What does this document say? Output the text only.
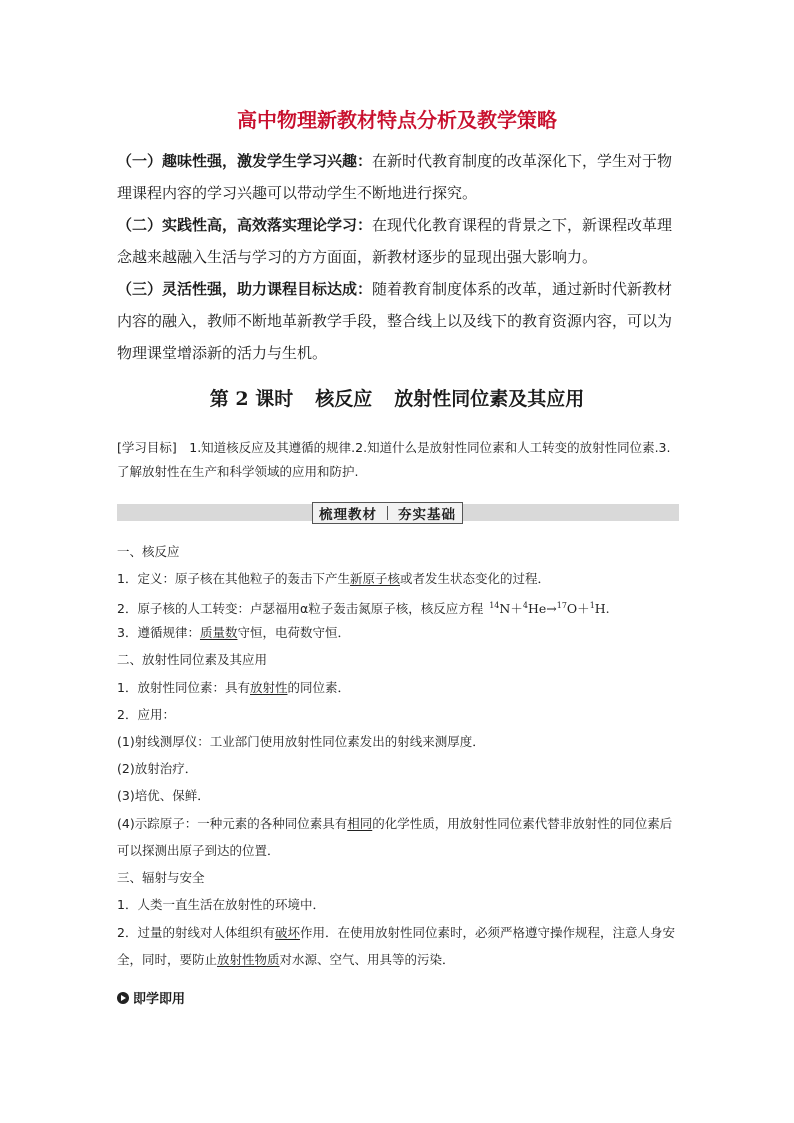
高中物理新教材特点分析及教学策略

（一）趣味性强，激发学生学习兴趣：在新时代教育制度的改革深化下，学生对于物理课程内容的学习兴趣可以带动学生不断地进行探究。

（二）实践性高，高效落实理论学习：在现代化教育课程的背景之下，新课程改革理念越来越融入生活与学习的方方面面，新教材逐步的显现出强大影响力。

（三）灵活性强，助力课程目标达成：随着教育制度体系的改革，通过新时代新教材内容的融入，教师不断地革新教学手段，整合线上以及线下的教育资源内容，可以为物理课堂增添新的活力与生机。

第 2 课时 核反应 放射性同位素及其应用

[学习目标]　1.知道核反应及其遵循的规律.2.知道什么是放射性同位素和人工转变的放射性同位素.3.了解放射性在生产和科学领域的应用和防护.

梳理教材 夯实基础
一、核反应
1．定义：原子核在其他粒子的轰击下产生新原子核或者发生状态变化的过程．
2．原子核的人工转变：卢瑟福用α粒子轰击氮原子核，核反应方程 $^{14}$N＋$^4$He→$^{17}$O＋$^1$H.
3．遵循规律：质量数守恒，电荷数守恒．
二、放射性同位素及其应用
1．放射性同位素：具有放射性的同位素．
2．应用：
(1)射线测厚仪：工业部门使用放射性同位素发出的射线来测厚度．
(2)放射治疗．
(3)培优、保鲜．
(4)示踪原子：一种元素的各种同位素具有相同的化学性质，用放射性同位素代替非放射性的同位素后可以探测出原子到达的位置．
三、辐射与安全
1．人类一直生活在放射性的环境中．
2．过量的射线对人体组织有破坏作用．在使用放射性同位素时，必须严格遵守操作规程，注意人身安全，同时，要防止放射性物质对水源、空气、用具等的污染．
即学即用
